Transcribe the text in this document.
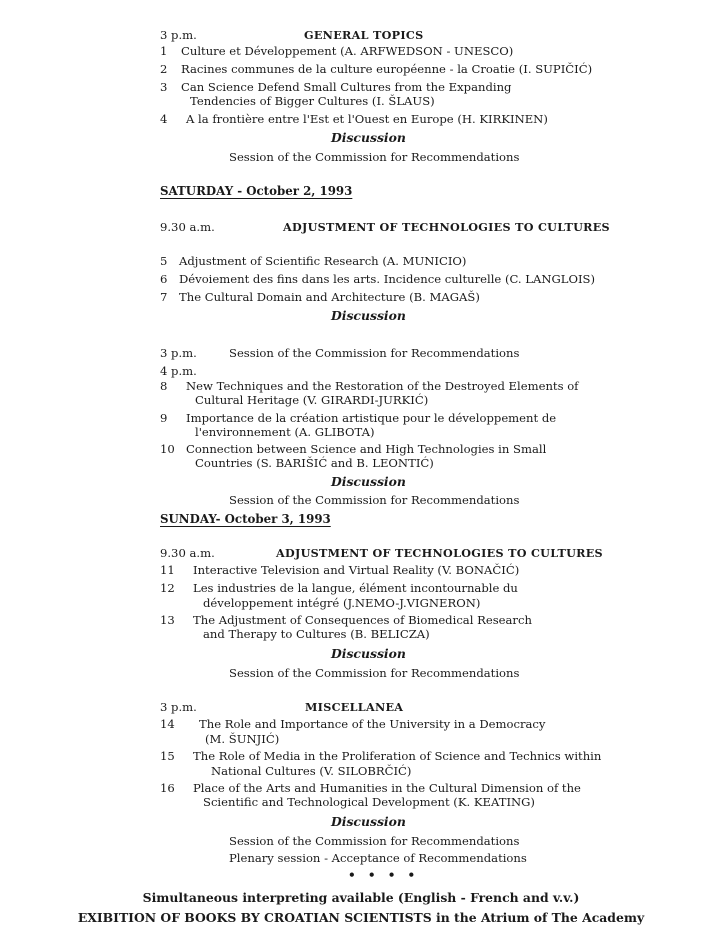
3 p.m.	GENERAL TOPICS
1 Culture et Développement (A. ARFWEDSON - UNESCO)
2 Racines communes de la culture européenne - la Croatie (I. SUPIČIĆ)
3 Can Science Defend Small Cultures from the Expanding
Tendencies of Bigger Cultures (I. ŠLAUS)
4 A la frontière entre l'Est et l'Ouest en Europe (H. KIRKINEN)
Discussion
Session of the Commission for Recommendations
SATURDAY - October 2, 1993
9.30 a.m.	ADJUSTMENT OF TECHNOLOGIES TO CULTURES
5 Adjustment of Scientific Research (A. MUNICIO)
6 Dévoiement des fins dans les arts. Incidence culturelle (C. LANGLOIS)
7 The Cultural Domain and Architecture (B. MAGAŠ)
Discussion
3 p.m.	Session of the Commission for Recommendations
4 p.m.
8 New Techniques and the Restoration of the Destroyed Elements of
Cultural Heritage (V. GIRARDI-JURKIĆ)
9 Importance de la création artistique pour le développement de
l'environnement (A. GLIBOTA)
10 Connection between Science and High Technologies in Small
Countries (S. BARIŠIĆ and B. LEONTIĆ)
Discussion
Session of the Commission for Recommendations
SUNDAY- October 3, 1993
9.30 a.m.	ADJUSTMENT OF TECHNOLOGIES TO CULTURES
11 Interactive Television and Virtual Reality (V. BONAČIĆ)
12 Les industries de la langue, élément incontournable du
développement intégré (J.NEMO-J.VIGNERON)
13 The Adjustment of Consequences of Biomedical Research
and Therapy to Cultures (B. BELICZA)
Discussion
Session of the Commission for Recommendations
3 p.m.	MISCELLANEA
14 The Role and Importance of the University in a Democracy
(M. ŠUNJIĆ)
15 The Role of Media in the Proliferation of Science and Technics within
National Cultures (V. SILOBRČIĆ)
16 Place of the Arts and Humanities in the Cultural Dimension of the
Scientific and Technological Development (K. KEATING)
Discussion
Session of the Commission for Recommendations
Plenary session - Acceptance of Recommendations
• • • •
Simultaneous interpreting available (English - French and v.v.)
EXIBITION OF BOOKS BY CROATIAN SCIENTISTS in the Atrium of The Academy
